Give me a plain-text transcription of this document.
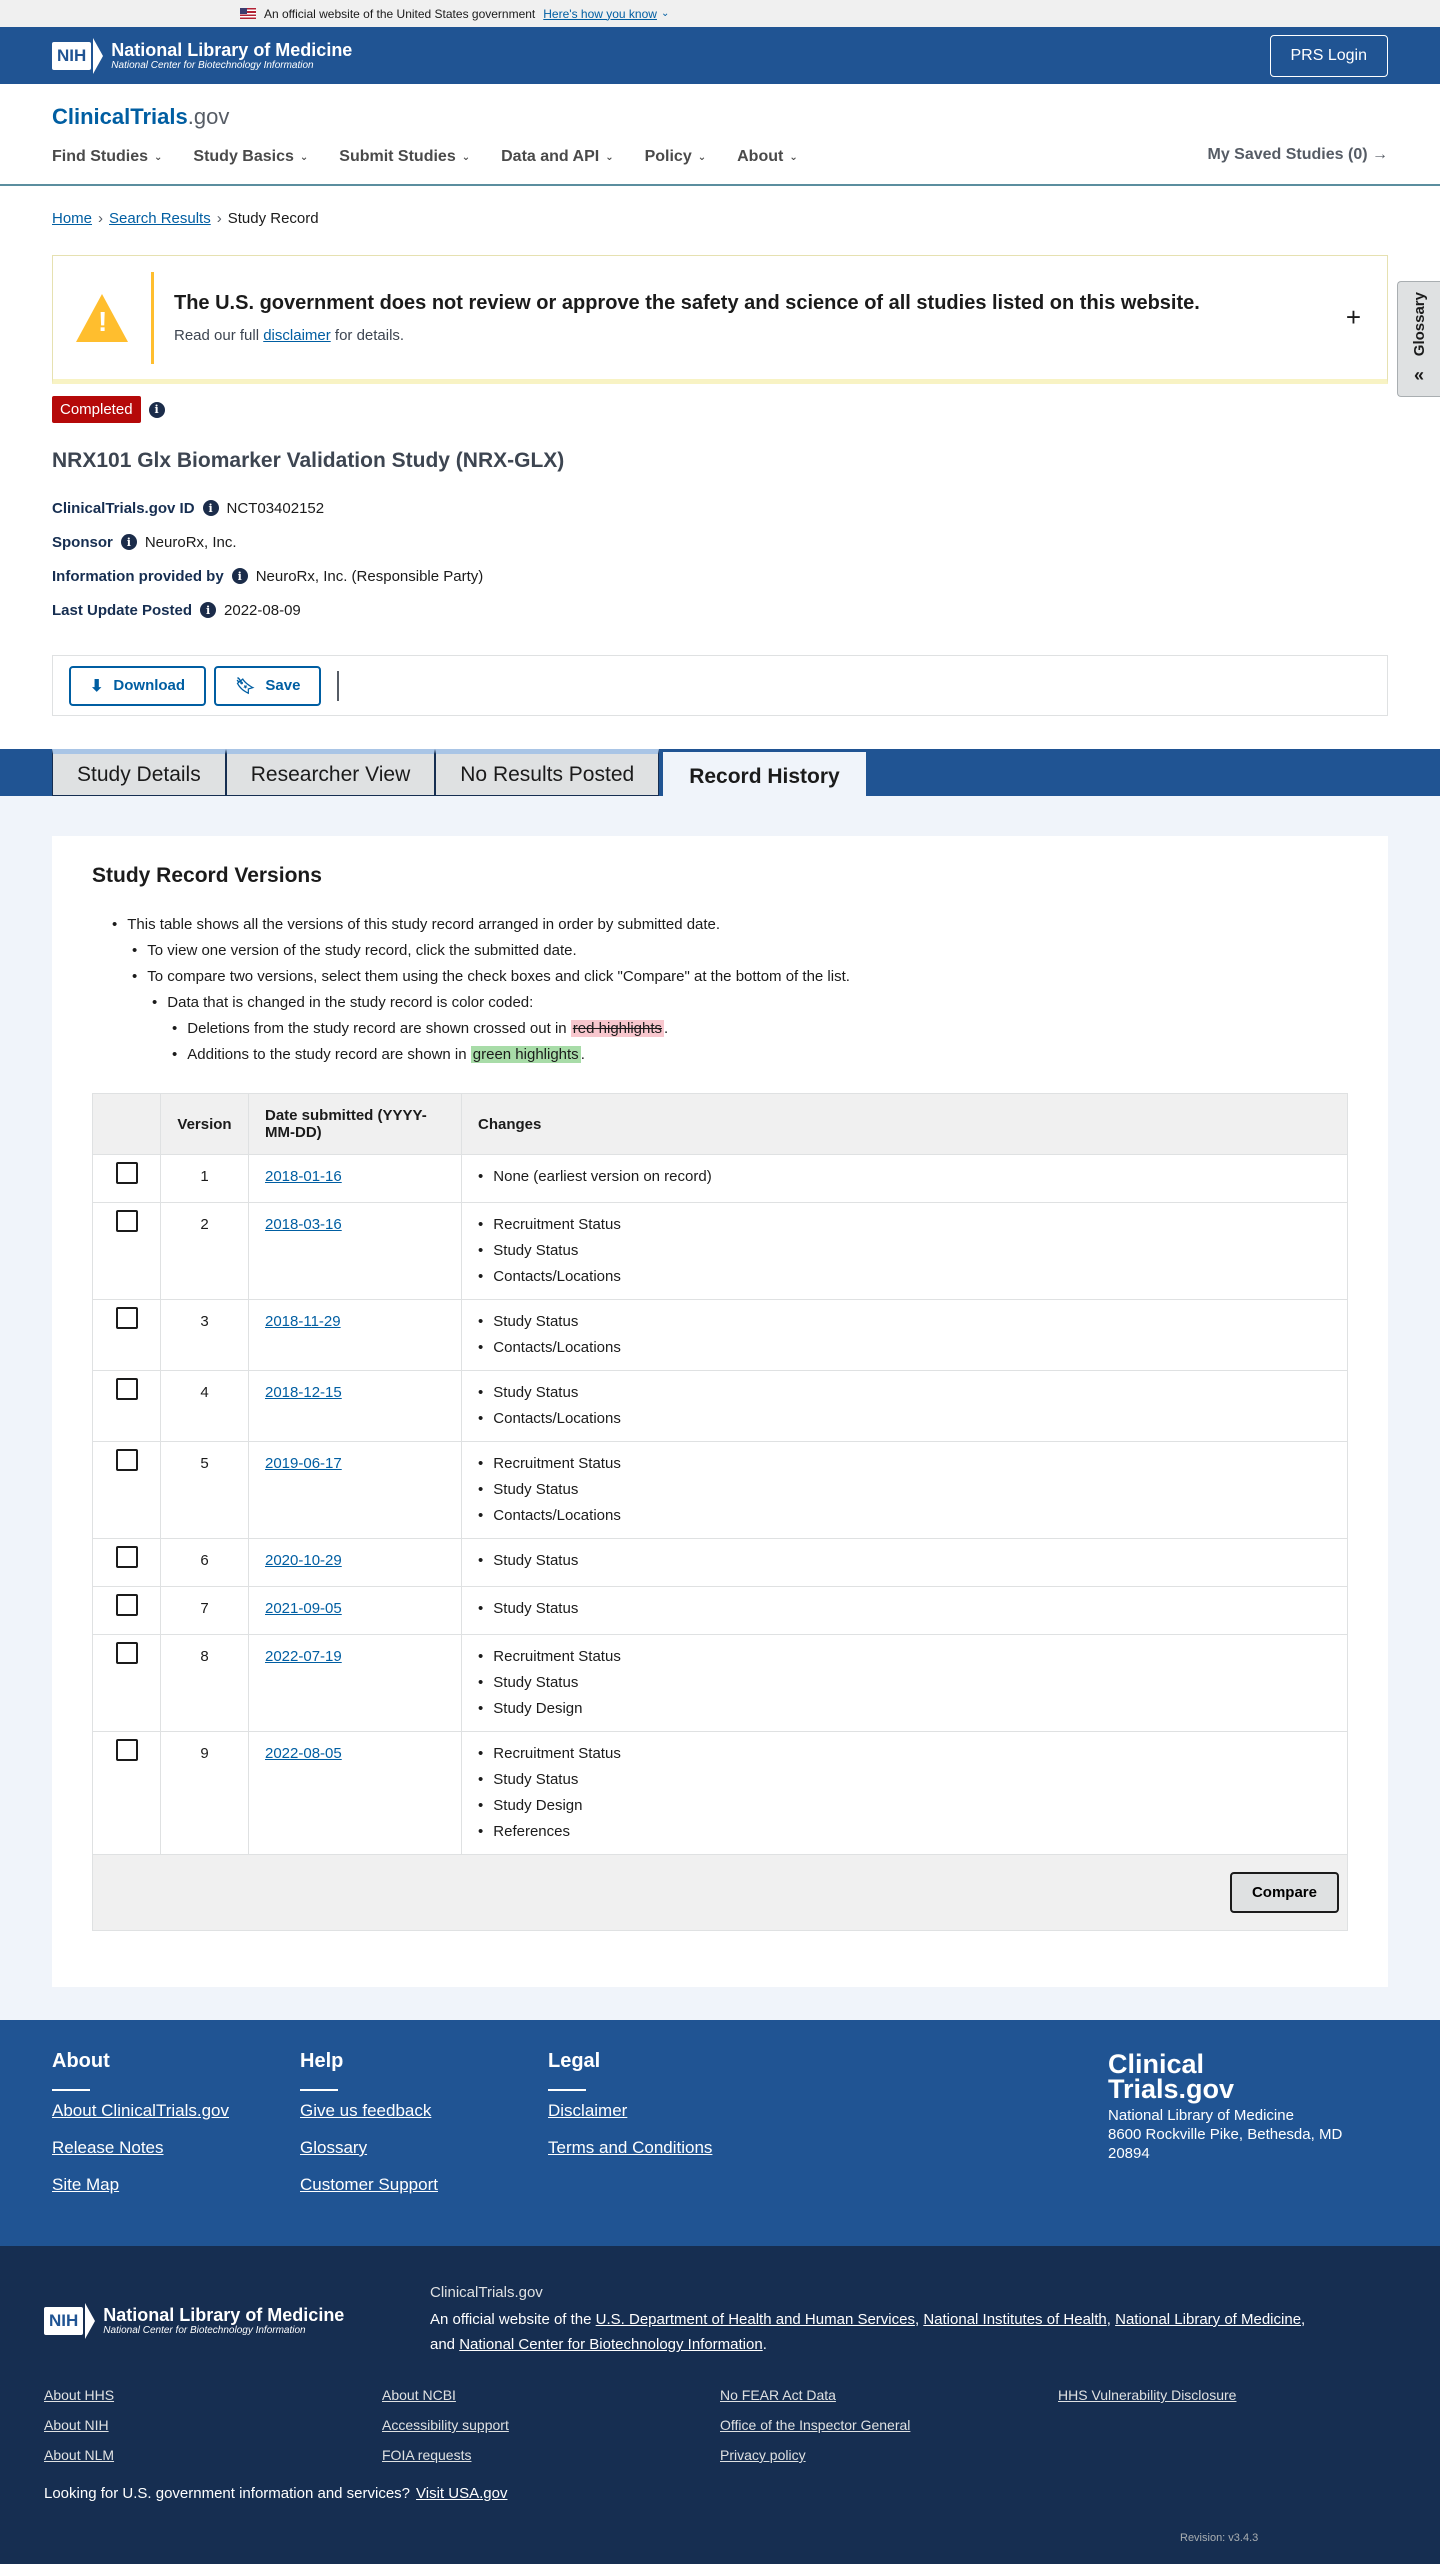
An official website of the United States government Here's how you know ⌄
NIH National Library of Medicine
National Center for Biotechnology Information
PRS Login
ClinicalTrials.gov
Find Studies ⌄ Study Basics ⌄ Submit Studies ⌄ Data and API ⌄ Policy ⌄ About ⌄	My Saved Studies (0) →
Glossary
«
Home › Search Results › Study Record
!
The U.S. government does not review or approve the safety and science of all studies listed on this website.
Read our full disclaimer for details.
+
Completed	i
NRX101 Glx Biomarker Validation Study (NRX-GLX)
ClinicalTrials.gov ID	i NCT03402152
Sponsor	i NeuroRx, Inc.
Information provided by	i NeuroRx, Inc. (Responsible Party)
Last Update Posted	i 2022-08-09
⬇ Download	🔖︎ Save
Study Details	Researcher View	No Results Posted	Record History
Study Record Versions
• This table shows all the versions of this study record arranged in order by submitted date.
• To view one version of the study record, click the submitted date.
• To compare two versions, select them using the check boxes and click "Compare" at the bottom of the list.
• Data that is changed in the study record is color coded:
• Deletions from the study record are shown crossed out in red highlights .
• Additions to the study record are shown in green highlights .
	Version	Date submitted (YYYY-MM-DD)	Changes
	1	2018-01-16	• None (earliest version on record)

	2	2018-03-16	• Recruitment Status
• Study Status
• Contacts/Locations

	3	2018-11-29	• Study Status
• Contacts/Locations

	4	2018-12-15	• Study Status
• Contacts/Locations

	5	2019-06-17	• Recruitment Status
• Study Status
• Contacts/Locations

	6	2020-10-29	• Study Status

	7	2021-09-05	• Study Status

	8	2022-07-19	• Recruitment Status
• Study Status
• Study Design

	9	2022-08-05	• Recruitment Status
• Study Status
• Study Design
• References
Compare
About
About ClinicalTrials.gov
Release Notes
Site Map
Help
Give us feedback
Glossary
Customer Support
Legal
Disclaimer
Terms and Conditions
Clinical
Trials.gov
National Library of Medicine
8600 Rockville Pike, Bethesda, MD
20894
NIH National Library of Medicine
National Center for Biotechnology Information
ClinicalTrials.gov
An official website of the U.S. Department of Health and Human Services, National Institutes of Health, National Library of Medicine,
and National Center for Biotechnology Information.
About HHS
About NIH
About NLM
About NCBI
Accessibility support
FOIA requests
No FEAR Act Data
Office of the Inspector General
Privacy policy
HHS Vulnerability Disclosure
Looking for U.S. government information and services? Visit USA.gov
Revision: v3.4.3
